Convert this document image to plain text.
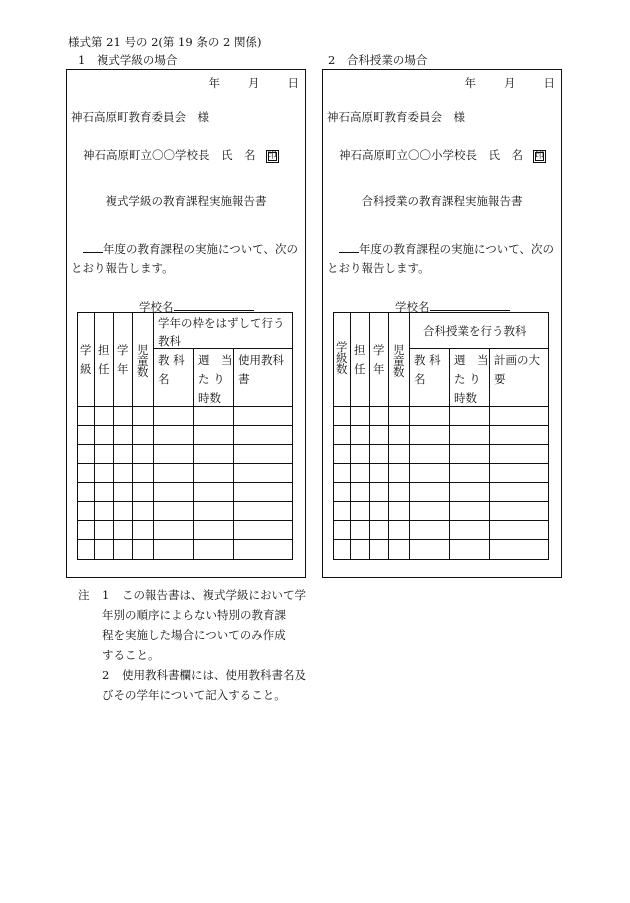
様式第 21 号の 2(第 19 条の 2 関係)
1　複式学級の場合	2　合科授業の場合
年 月 日
神石高原町教育委員会　様
神石高原町立〇〇学校長　氏　名 印
複式学級の教育課程実施報告書
年度の教育課程の実施について、次の
とおり報告します。
学校名
学
級
担
任
学
年
児
童
数
学年の枠をはずして行う
教科
教 科
名
週　当
た り
時数
使用教科
書
年 月 日
神石高原町教育委員会　様
神石高原町立〇〇小学校長　氏　名 印
合科授業の教育課程実施報告書
年度の教育課程の実施について、次の
とおり報告します。
学校名
学
級
数
担
任
学
年
児
童
数
合科授業を行う教科
教 科
名
週　当
た り
時数
計画の大
要
注 1 この報告書は、複式学級において学
年別の順序によらない特別の教育課
程を実施した場合についてのみ作成
すること。
2 使用教科書欄には、使用教科書名及
びその学年について記入すること。
